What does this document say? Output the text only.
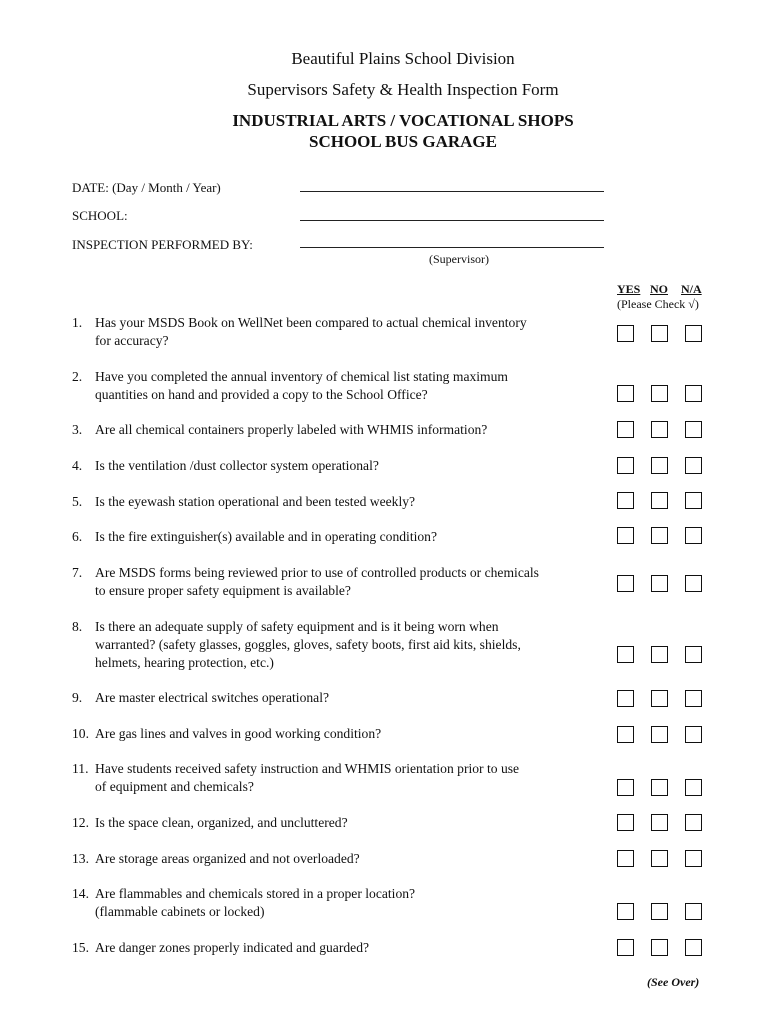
Beautiful Plains School Division
Supervisors Safety & Health Inspection Form
INDUSTRIAL ARTS / VOCATIONAL SHOPS
SCHOOL BUS GARAGE
DATE: (Day / Month / Year)
SCHOOL:
INSPECTION PERFORMED BY:
(Supervisor)
YES NO N/A
(Please Check √)
1. Has your MSDS Book on WellNet been compared to actual chemical inventory
for accuracy?
2. Have you completed the annual inventory of chemical list stating maximum
quantities on hand and provided a copy to the School Office?
3. Are all chemical containers properly labeled with WHMIS information?
4. Is the ventilation /dust collector system operational?
5. Is the eyewash station operational and been tested weekly?
6. Is the fire extinguisher(s) available and in operating condition?
7. Are MSDS forms being reviewed prior to use of controlled products or chemicals
to ensure proper safety equipment is available?
8. Is there an adequate supply of safety equipment and is it being worn when
warranted? (safety glasses, goggles, gloves, safety boots, first aid kits, shields,
helmets, hearing protection, etc.)
9. Are master electrical switches operational?
10. Are gas lines and valves in good working condition?
11. Have students received safety instruction and WHMIS orientation prior to use
of equipment and chemicals?
12. Is the space clean, organized, and uncluttered?
13. Are storage areas organized and not overloaded?
14. Are flammables and chemicals stored in a proper location?
(flammable cabinets or locked)
15. Are danger zones properly indicated and guarded?
(See Over)
